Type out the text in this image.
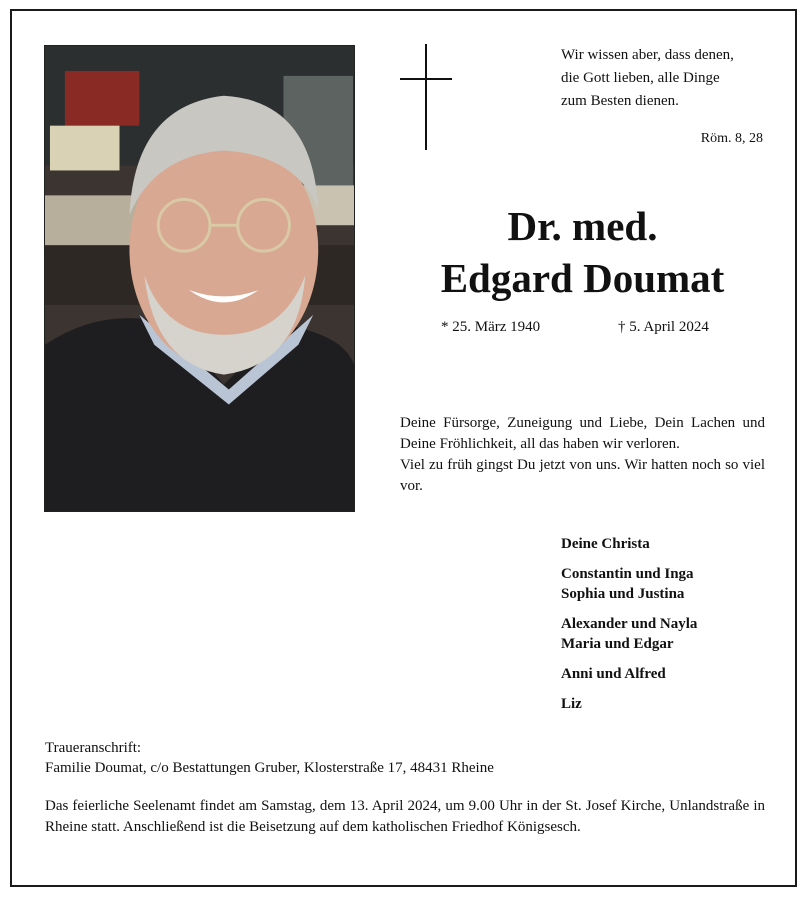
Wir wissen aber, dass denen,
die Gott lieben, alle Dinge
zum Besten dienen.
Röm. 8, 28
Dr. med.
Edgard Doumat
* 25. März 1940	† 5. April 2024

Deine Fürsorge, Zuneigung und Liebe, Dein Lachen und Deine Fröhlichkeit, all das haben wir verloren.

Viel zu früh gingst Du jetzt von uns. Wir hatten noch so viel vor.

Deine Christa
Constantin und Inga
Sophia und Justina
Alexander und Nayla
Maria und Edgar
Anni und Alfred
Liz
Traueranschrift:
Familie Doumat, c/o Bestattungen Gruber, Klosterstraße 17, 48431 Rheine
Das feierliche Seelenamt findet am Samstag, dem 13. April 2024, um 9.00 Uhr in der St. Josef Kirche, Unlandstraße in Rheine statt. Anschließend ist die Beisetzung auf dem katholischen Friedhof Königsesch.
